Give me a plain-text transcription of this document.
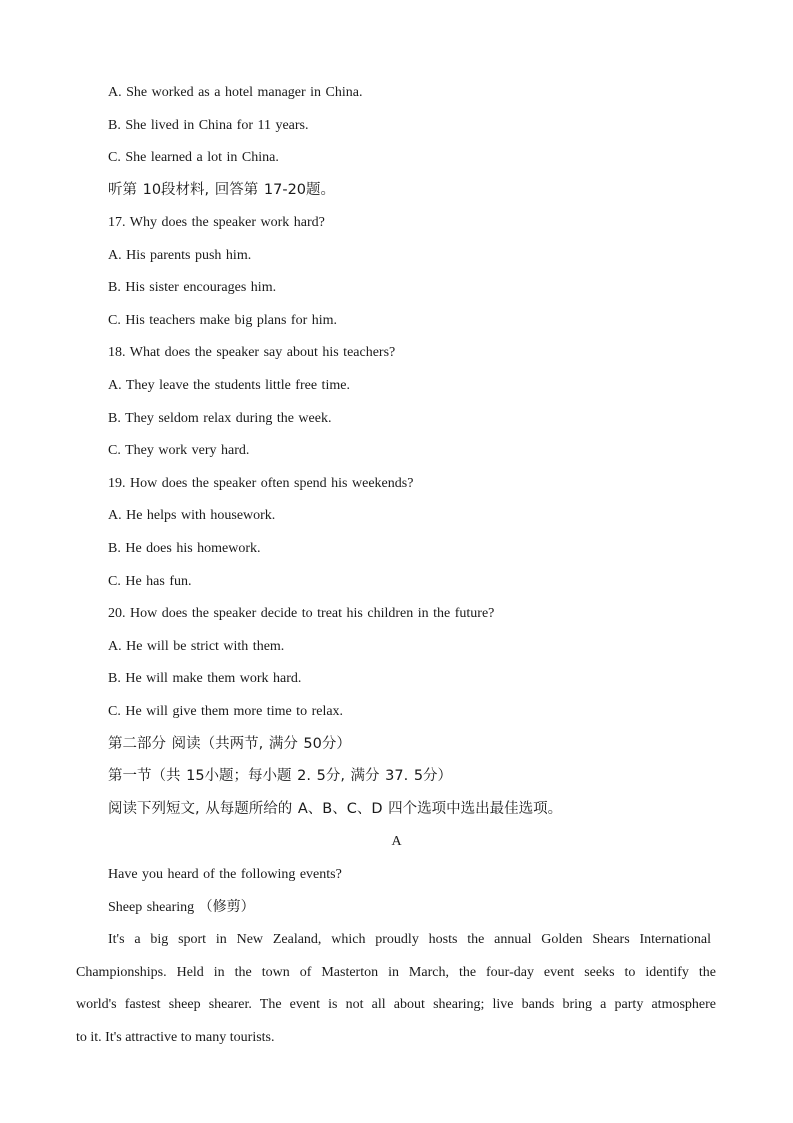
A. She worked as a hotel manager in China.
B. She lived in China for 11 years.
C. She learned a lot in China.
听第 10段材料, 回答第 17-20题。
17. Why does the speaker work hard?
A. His parents push him.
B. His sister encourages him.
C. His teachers make big plans for him.
18. What does the speaker say about his teachers?
A. They leave the students little free time.
B. They seldom relax during the week.
C. They work very hard.
19. How does the speaker often spend his weekends?
A. He helps with housework.
B. He does his homework.
C. He has fun.
20. How does the speaker decide to treat his children in the future?
A. He will be strict with them.
B. He will make them work hard.
C. He will give them more time to relax.
第二部分 阅读（共两节, 满分 50分）
第一节（共 15小题；每小题 2. 5分, 满分 37. 5分）
阅读下列短文, 从每题所给的 A、B、C、D 四个选项中选出最佳选项。
A
Have you heard of the following events?
Sheep shearing （修剪）
It's a big sport in New Zealand, which proudly hosts the annual Golden Shears International
Championships. Held in the town of Masterton in March, the four-day event seeks to identify the
world's fastest sheep shearer. The event is not all about shearing; live bands bring a party atmosphere
to it. It's attractive to many tourists.
